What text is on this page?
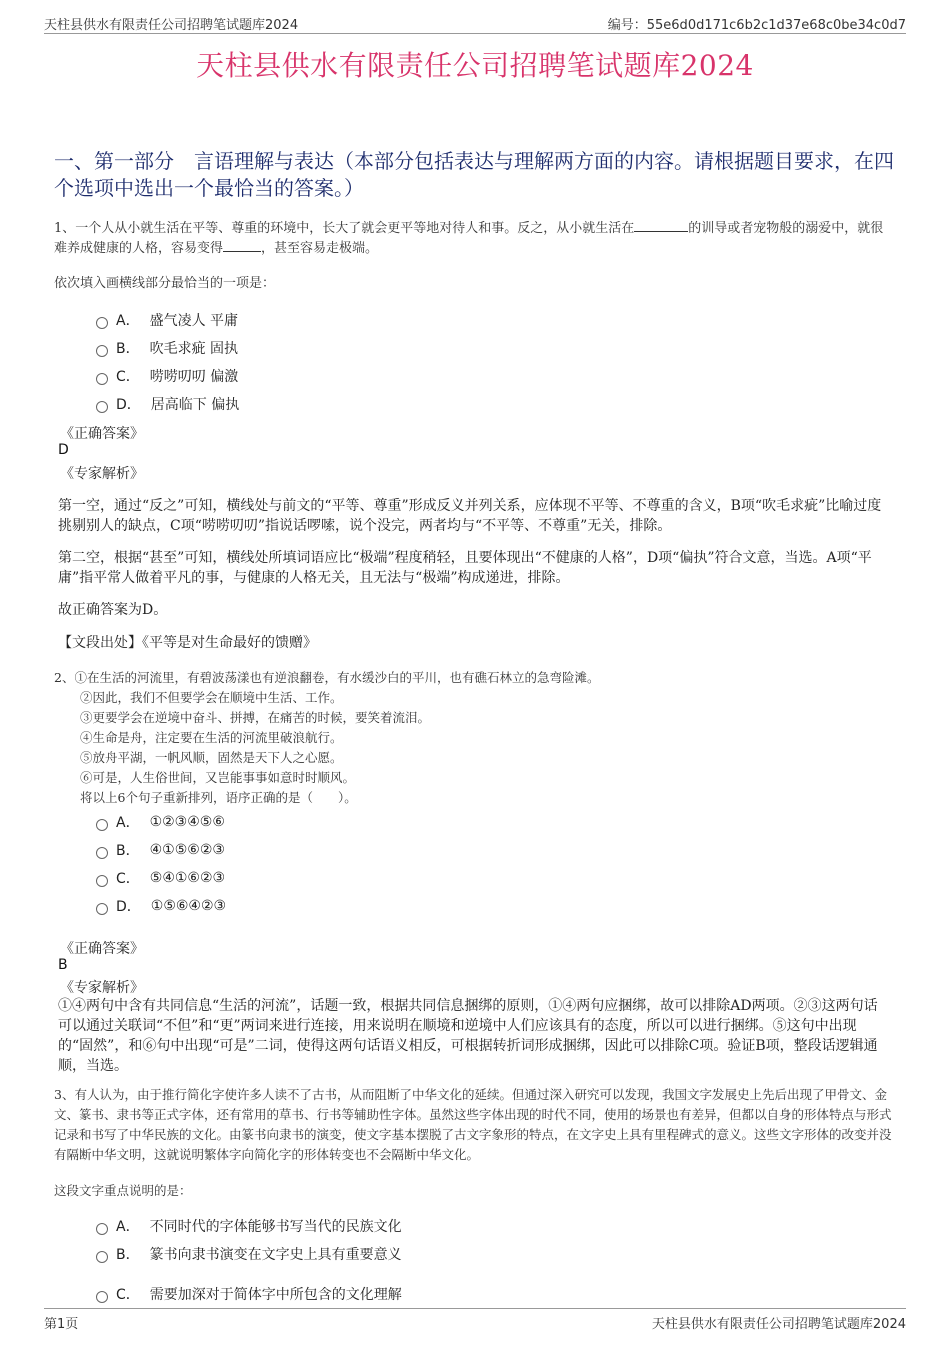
天柱县供水有限责任公司招聘笔试题库2024	编号：55e6d0d171c6b2c1d37e68c0be34c0d7
天柱县供水有限责任公司招聘笔试题库2024
一、第一部分　言语理解与表达（本部分包括表达与理解两方面的内容。请根据题目要求，在四个选项中选出一个最恰当的答案。）
1、一个人从小就生活在平等、尊重的环境中，长大了就会更平等地对待人和事。反之，从小就生活在	的训导或者宠物般的溺爱中，就很难养成健康的人格，容易变得	，甚至容易走极端。
依次填入画横线部分最恰当的一项是：
A． 盛气凌人 平庸
B． 吹毛求疵 固执
C． 唠唠叨叨 偏激
D． 居高临下 偏执
《正确答案》
D
《专家解析》
第一空，通过“反之”可知，横线处与前文的“平等、尊重”形成反义并列关系，应体现不平等、不尊重的含义，B项“吹毛求疵”比喻过度挑剔别人的缺点，C项“唠唠叨叨”指说话啰嗦，说个没完，两者均与“不平等、不尊重”无关，排除。
第二空，根据“甚至”可知，横线处所填词语应比“极端”程度稍轻，且要体现出“不健康的人格”，D项“偏执”符合文意，当选。A项“平庸”指平常人做着平凡的事，与健康的人格无关，且无法与“极端”构成递进，排除。
故正确答案为D。
【文段出处】《平等是对生命最好的馈赠》
2、①在生活的河流里，有碧波荡漾也有逆浪翻卷，有水缓沙白的平川，也有礁石林立的急弯险滩。
②因此，我们不但要学会在顺境中生活、工作。
③更要学会在逆境中奋斗、拼搏，在痛苦的时候，要笑着流泪。
④生命是舟，注定要在生活的河流里破浪航行。
⑤放舟平湖，一帆风顺，固然是天下人之心愿。
⑥可是，人生俗世间，又岂能事事如意时时顺风。
将以上6个句子重新排列，语序正确的是（　　）。
A． ①②③④⑤⑥
B． ④①⑤⑥②③
C． ⑤④①⑥②③
D． ①⑤⑥④②③
《正确答案》
B
《专家解析》
①④两句中含有共同信息“生活的河流”，话题一致，根据共同信息捆绑的原则，①④两句应捆绑，故可以排除AD两项。②③这两句话可以通过关联词“不但”和“更”两词来进行连接，用来说明在顺境和逆境中人们应该具有的态度，所以可以进行捆绑。⑤这句中出现的“固然”，和⑥句中出现“可是”二词，使得这两句话语义相反，可根据转折词形成捆绑，因此可以排除C项。验证B项，整段话逻辑通顺，当选。
3、有人认为，由于推行简化字使许多人读不了古书，从而阻断了中华文化的延续。但通过深入研究可以发现，我国文字发展史上先后出现了甲骨文、金文、篆书、隶书等正式字体，还有常用的草书、行书等辅助性字体。虽然这些字体出现的时代不同，使用的场景也有差异，但都以自身的形体特点与形式记录和书写了中华民族的文化。由篆书向隶书的演变，使文字基本摆脱了古文字象形的特点，在文字史上具有里程碑式的意义。这些文字形体的改变并没有隔断中华文明，这就说明繁体字向简化字的形体转变也不会隔断中华文化。
这段文字重点说明的是：
A． 不同时代的字体能够书写当代的民族文化
B． 篆书向隶书演变在文字史上具有重要意义
C． 需要加深对于简体字中所包含的文化理解
第1页	天柱县供水有限责任公司招聘笔试题库2024
